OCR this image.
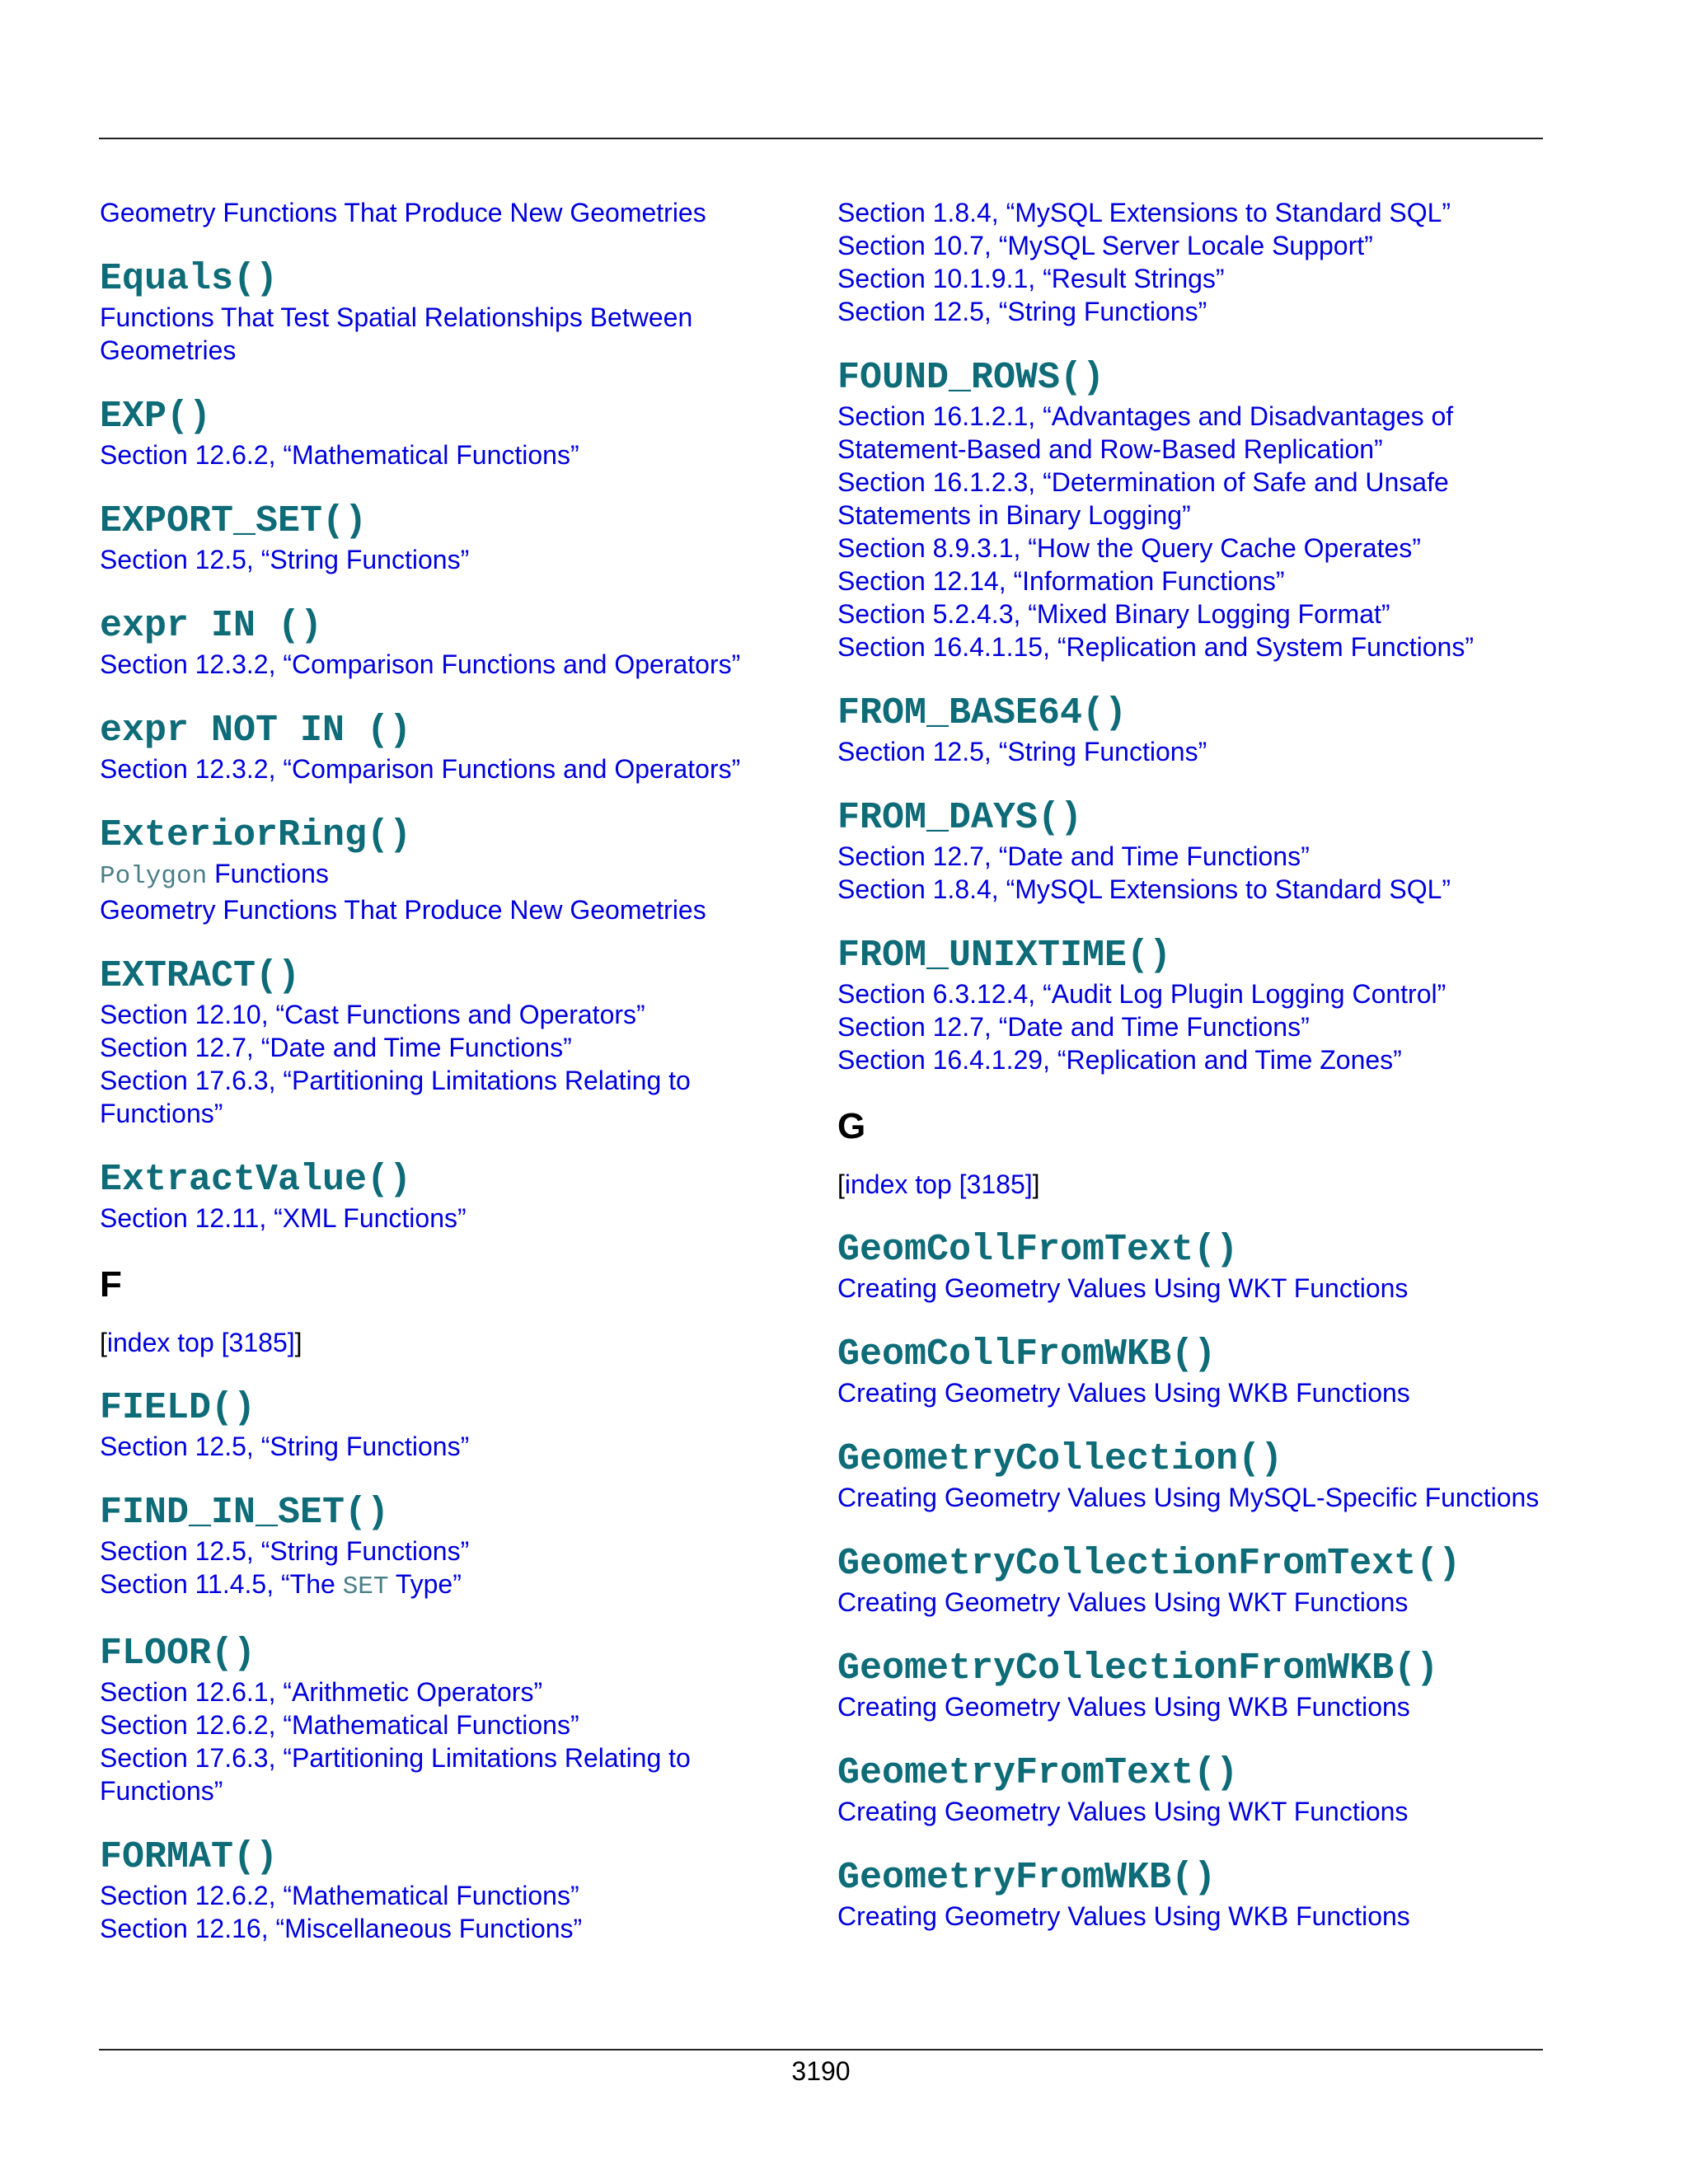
Geometry Functions That Produce New Geometries
Equals()
Functions That Test Spatial Relationships Between Geometries
EXP()
Section 12.6.2, “Mathematical Functions”
EXPORT_SET()
Section 12.5, “String Functions”
expr IN ()
Section 12.3.2, “Comparison Functions and Operators”
expr NOT IN ()
Section 12.3.2, “Comparison Functions and Operators”
ExteriorRing()
Polygon Functions
Geometry Functions That Produce New Geometries
EXTRACT()
Section 12.10, “Cast Functions and Operators”
Section 12.7, “Date and Time Functions”
Section 17.6.3, “Partitioning Limitations Relating to Functions”
ExtractValue()
Section 12.11, “XML Functions”
F
[index top [3185]]
FIELD()
Section 12.5, “String Functions”
FIND_IN_SET()
Section 12.5, “String Functions”
Section 11.4.5, “The SET Type”
FLOOR()
Section 12.6.1, “Arithmetic Operators”
Section 12.6.2, “Mathematical Functions”
Section 17.6.3, “Partitioning Limitations Relating to Functions”
FORMAT()
Section 12.6.2, “Mathematical Functions”
Section 12.16, “Miscellaneous Functions”
Section 1.8.4, “MySQL Extensions to Standard SQL”
Section 10.7, “MySQL Server Locale Support”
Section 10.1.9.1, “Result Strings”
Section 12.5, “String Functions”
FOUND_ROWS()
Section 16.1.2.1, “Advantages and Disadvantages of Statement-Based and Row-Based Replication”
Section 16.1.2.3, “Determination of Safe and Unsafe Statements in Binary Logging”
Section 8.9.3.1, “How the Query Cache Operates”
Section 12.14, “Information Functions”
Section 5.2.4.3, “Mixed Binary Logging Format”
Section 16.4.1.15, “Replication and System Functions”
FROM_BASE64()
Section 12.5, “String Functions”
FROM_DAYS()
Section 12.7, “Date and Time Functions”
Section 1.8.4, “MySQL Extensions to Standard SQL”
FROM_UNIXTIME()
Section 6.3.12.4, “Audit Log Plugin Logging Control”
Section 12.7, “Date and Time Functions”
Section 16.4.1.29, “Replication and Time Zones”
G
[index top [3185]]
GeomCollFromText()
Creating Geometry Values Using WKT Functions
GeomCollFromWKB()
Creating Geometry Values Using WKB Functions
GeometryCollection()
Creating Geometry Values Using MySQL-Specific Functions
GeometryCollectionFromText()
Creating Geometry Values Using WKT Functions
GeometryCollectionFromWKB()
Creating Geometry Values Using WKB Functions
GeometryFromText()
Creating Geometry Values Using WKT Functions
GeometryFromWKB()
Creating Geometry Values Using WKB Functions
3190
